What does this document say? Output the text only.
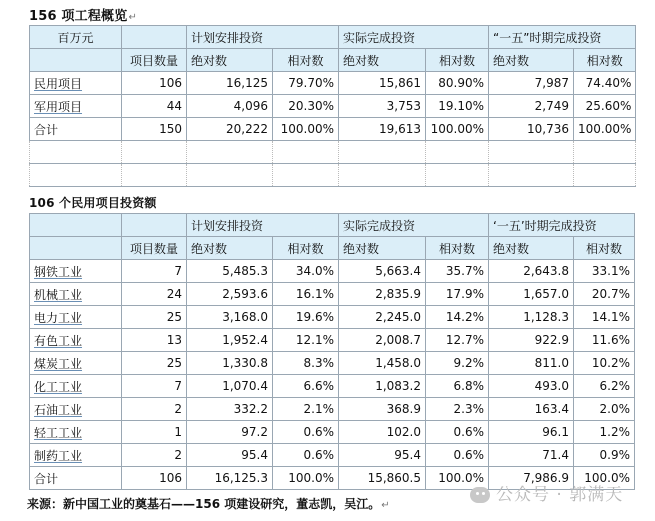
156 项工程概览↵
百万元		计划安排投资		实际完成投资		“一五”时期完成投资	
	项目数量	绝对数	相对数	绝对数	相对数	绝对数	相对数
民用项目	106	16,125	79.70%	15,861	80.90%	7,987	74.40%
军用项目	44	4,096	20.30%	3,753	19.10%	2,749	25.60%
合计	150	20,222	100.00%	19,613	100.00%	10,736	100.00%

106 个民用项目投资额
		计划安排投资		实际完成投资		‘一五’时期完成投资	
	项目数量	绝对数	相对数	绝对数	相对数	绝对数	相对数
钢铁工业	7	5,485.3	34.0%	5,663.4	35.7%	2,643.8	33.1%
机械工业	24	2,593.6	16.1%	2,835.9	17.9%	1,657.0	20.7%
电力工业	25	3,168.0	19.6%	2,245.0	14.2%	1,128.3	14.1%
有色工业	13	1,952.4	12.1%	2,008.7	12.7%	922.9	11.6%
煤炭工业	25	1,330.8	8.3%	1,458.0	9.2%	811.0	10.2%
化工工业	7	1,070.4	6.6%	1,083.2	6.8%	493.0	6.2%
石油工业	2	332.2	2.1%	368.9	2.3%	163.4	2.0%
轻工工业	1	97.2	0.6%	102.0	0.6%	96.1	1.2%
制药工业	2	95.4	0.6%	95.4	0.6%	71.4	0.9%
合计	106	16,125.3	100.0%	15,860.5	100.0%	7,986.9	100.0%
来源：新中国工业的奠基石——156 项建设研究，董志凯，吴江。↵
公众号 · 郭满天
